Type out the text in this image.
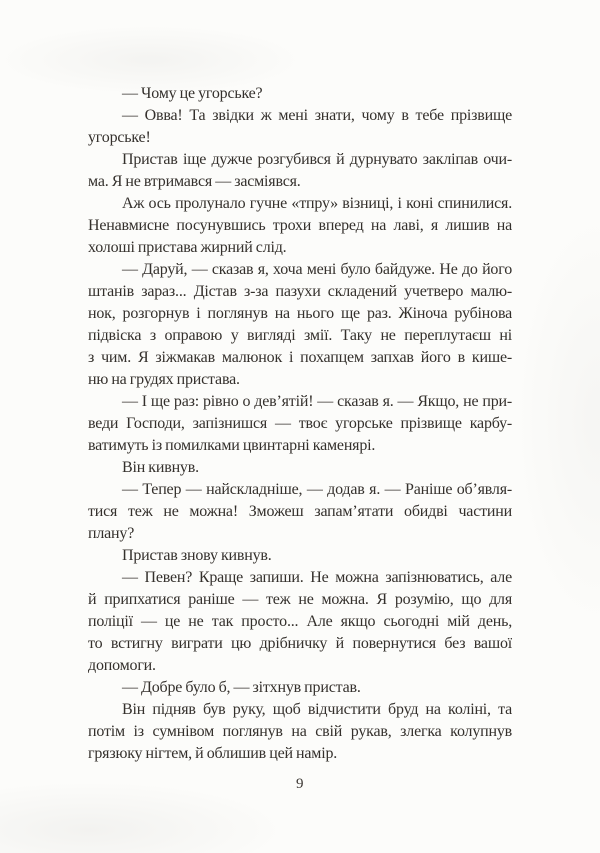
— Чому це угорське?
— Овва! Та звідки ж мені знати, чому в тебе прізвище
угорське!
Пристав іще дужче розгубився й дурнувато закліпав очи-
ма. Я не втримався — засміявся.
Аж ось пролунало гучне «тпру» візниці, і коні спинилися.
Ненавмисне посунувшись трохи вперед на лаві, я лишив на
холоші пристава жирний слід.
— Даруй, — сказав я, хоча мені було байдуже. Не до його
штанів зараз... Дістав з-за пазухи складений учетверо малю-
нок, розгорнув і поглянув на нього ще раз. Жіноча рубінова
підвіска з оправою у вигляді змії. Таку не переплутаєш ні
з чим. Я зіжмакав малюнок і похапцем запхав його в кише-
ню на грудях пристава.
— І ще раз: рівно о дев’ятій! — сказав я. — Якщо, не при-
веди Господи, запізнишся — твоє угорське прізвище карбу-
ватимуть із помилками цвинтарні каменярі.
Він кивнув.
— Тепер — найскладніше, — додав я. — Раніше об’явля-
тися теж не можна! Зможеш запам’ятати обидві частини
плану?
Пристав знову кивнув.
— Певен? Краще запиши. Не можна запізнюватись, але
й припхатися раніше — теж не можна. Я розумію, що для
поліції — це не так просто... Але якщо сьогодні мій день,
то встигну виграти цю дрібничку й повернутися без вашої
допомоги.
— Добре було б, — зітхнув пристав.
Він підняв був руку, щоб відчистити бруд на коліні, та
потім із сумнівом поглянув на свій рукав, злегка колупнув
грязюку нігтем, й облишив цей намір.
9
